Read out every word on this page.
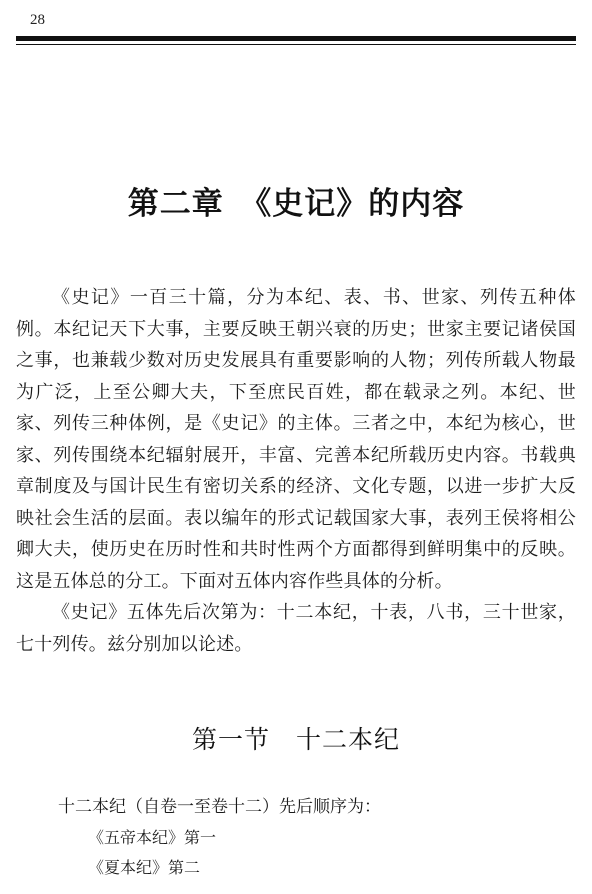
28
第二章　《史记》的内容

《史记》一百三十篇，分为本纪、表、书、世家、列传五种体例。本纪记天下大事，主要反映王朝兴衰的历史；世家主要记诸侯国之事，也兼载少数对历史发展具有重要影响的人物；列传所载人物最为广泛，上至公卿大夫，下至庶民百姓，都在载录之列。本纪、世家、列传三种体例，是《史记》的主体。三者之中，本纪为核心，世家、列传围绕本纪辐射展开，丰富、完善本纪所载历史内容。书载典章制度及与国计民生有密切关系的经济、文化专题，以进一步扩大反映社会生活的层面。表以编年的形式记载国家大事，表列王侯将相公卿大夫，使历史在历时性和共时性两个方面都得到鲜明集中的反映。这是五体总的分工。下面对五体内容作些具体的分析。

《史记》五体先后次第为：十二本纪，十表，八书，三十世家，七十列传。兹分别加以论述。

第一节　十二本纪
十二本纪（自卷一至卷十二）先后顺序为：
《五帝本纪》第一
《夏本纪》第二
